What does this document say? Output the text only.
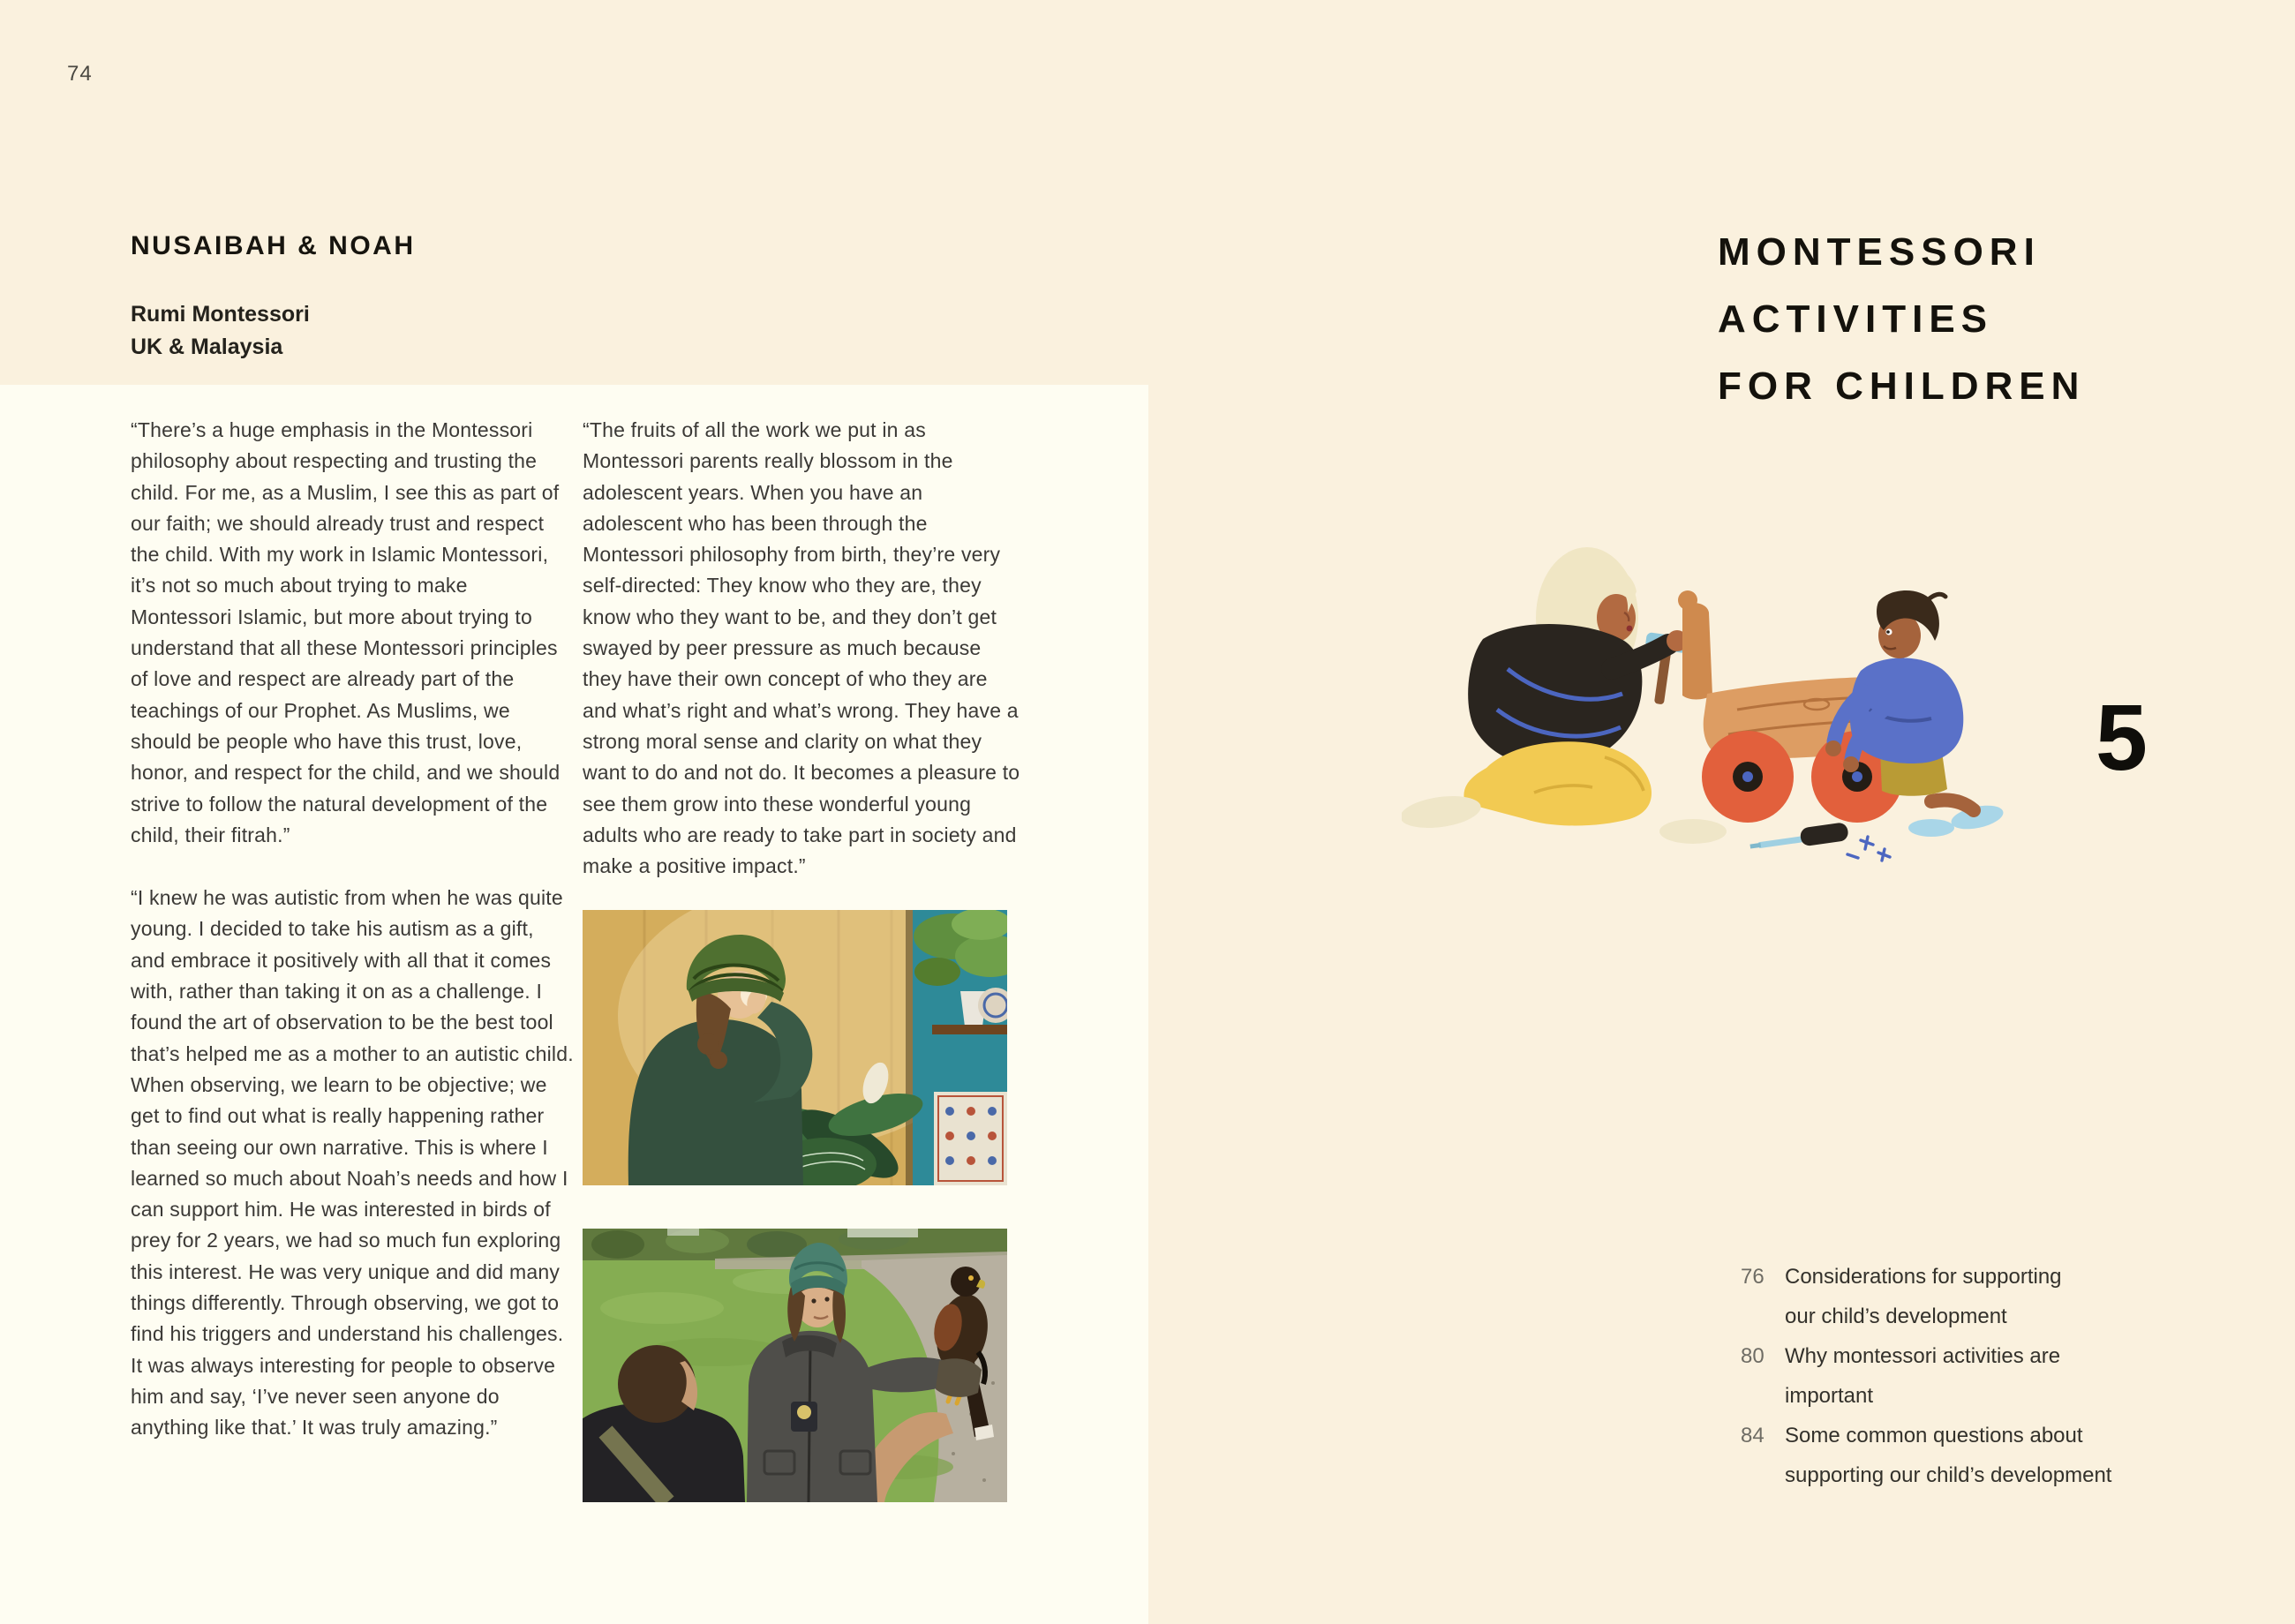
74
NUSAIBAH & NOAH
Rumi Montessori
UK & Malaysia

“There’s a huge emphasis in the Montessori philosophy about respecting and trusting the child. For me, as a Muslim, I see this as part of our faith; we should already trust and respect the child. With my work in Islamic Montessori, it’s not so much about trying to make Montessori Islamic, but more about trying to understand that all these Montessori principles of love and respect are already part of the teachings of our Prophet. As Muslims, we should be people who have this trust, love, honor, and respect for the child, and we should strive to follow the natural development of the child, their fitrah.”

“I knew he was autistic from when he was quite young. I decided to take his autism as a gift, and embrace it positively with all that it comes with, rather than taking it on as a challenge. I found the art of observation to be the best tool that’s helped me as a mother to an autistic child. When observing, we learn to be objective; we get to find out what is really happening rather than seeing our own narrative. This is where I learned so much about Noah’s needs and how I can support him. He was interested in birds of prey for 2 years, we had so much fun exploring this interest. He was very unique and did many things differently. Through observing, we got to find his triggers and understand his challenges. It was always interesting for people to observe him and say, ‘I’ve never seen anyone do anything like that.’ It was truly amazing.”

“The fruits of all the work we put in as Montessori parents really blossom in the adolescent years. When you have an adolescent who has been through the Montessori philosophy from birth, they’re very self-directed: They know who they are, they know who they want to be, and they don’t get swayed by peer pressure as much because they have their own concept of who they are and what’s right and what’s wrong. They have a strong moral sense and clarity on what they want to do and not do. It becomes a pleasure to see them grow into these wonderful young adults who are ready to take part in society and make a positive impact.”

MONTESSORI
ACTIVITIES
FOR CHILDREN
5
76 Considerations for supporting
our child’s development
80 Why montessori activities are
important
84 Some common questions about
supporting our child’s development
